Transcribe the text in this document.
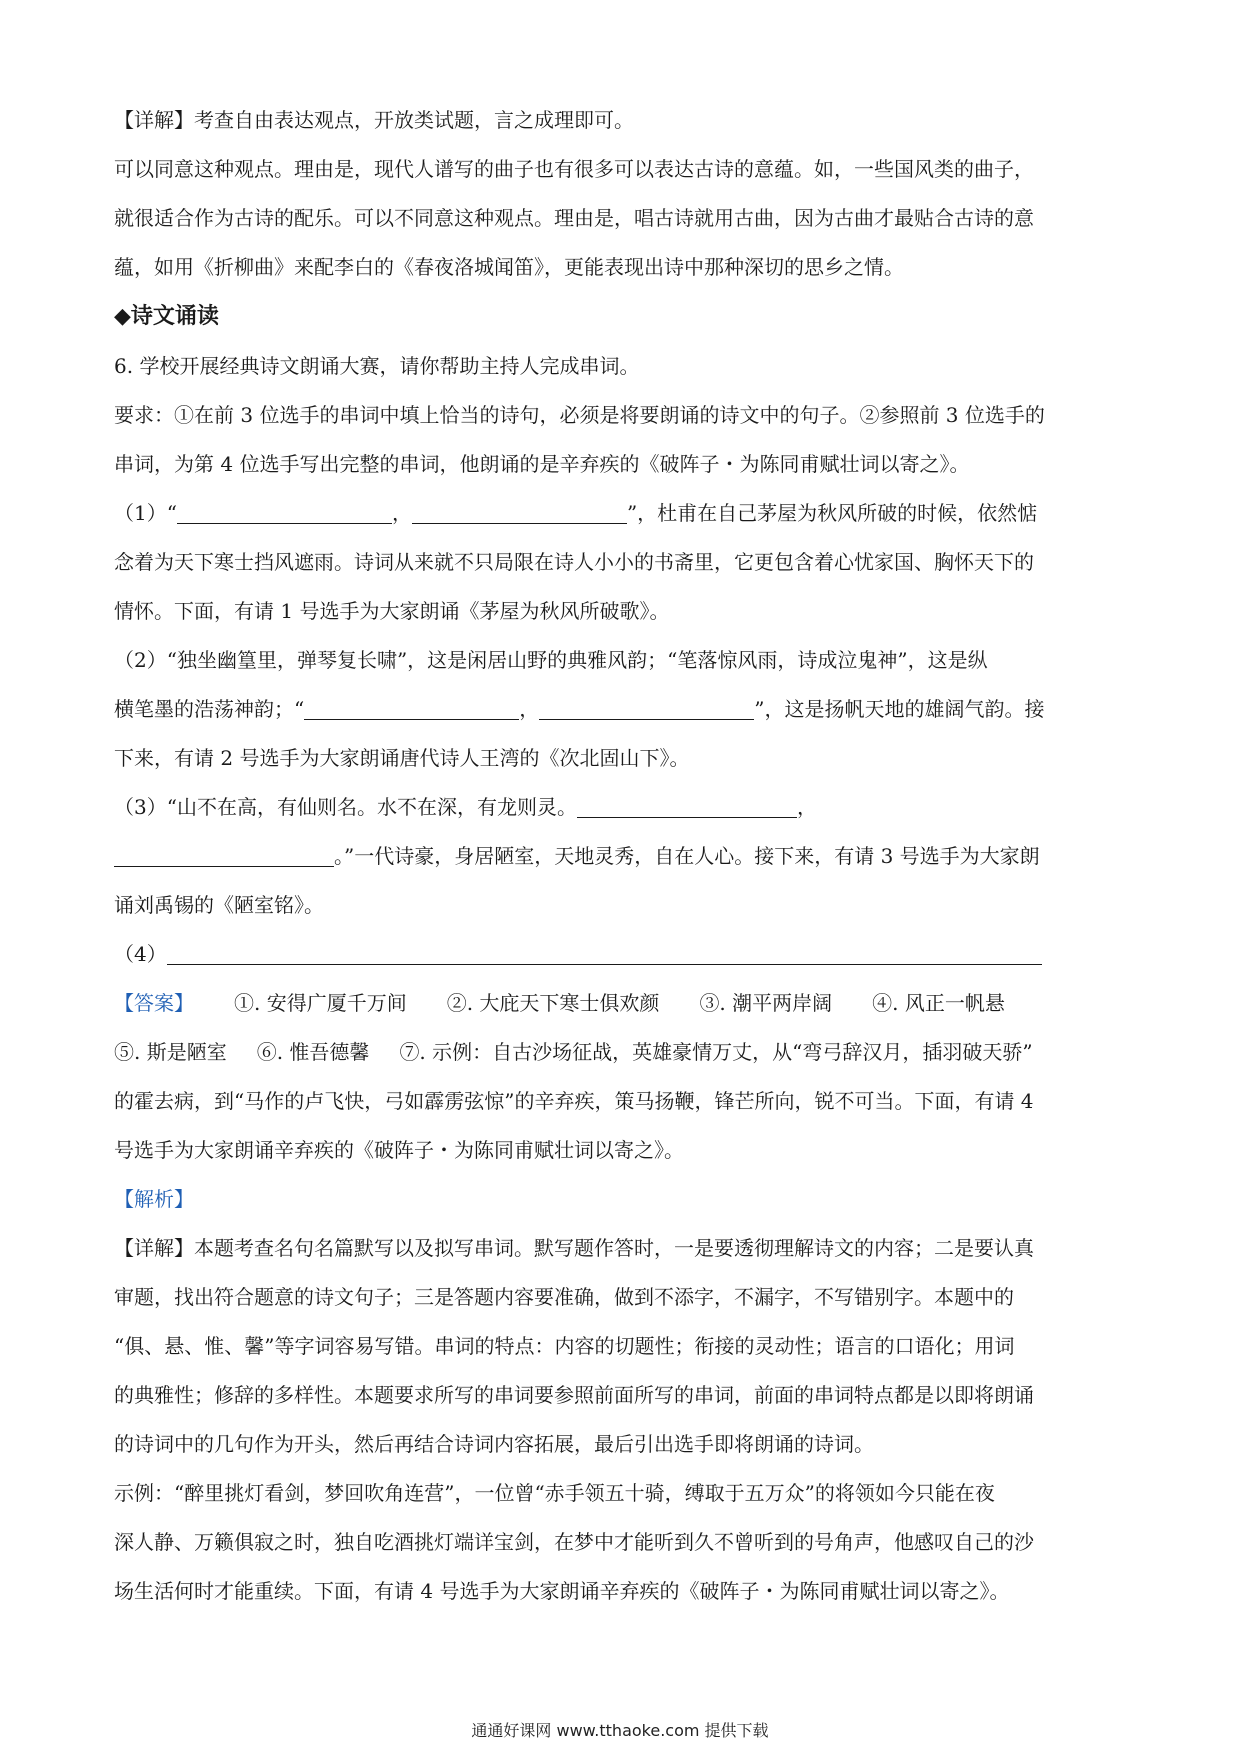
【详解】考查自由表达观点，开放类试题，言之成理即可。
可以同意这种观点。理由是，现代人谱写的曲子也有很多可以表达古诗的意蕴。如，一些国风类的曲子，
就很适合作为古诗的配乐。可以不同意这种观点。理由是，唱古诗就用古曲，因为古曲才最贴合古诗的意
蕴，如用《折柳曲》来配李白的《春夜洛城闻笛》，更能表现出诗中那种深切的思乡之情。
◆诗文诵读
6. 学校开展经典诗文朗诵大赛，请你帮助主持人完成串词。
要求：①在前 3 位选手的串词中填上恰当的诗句，必须是将要朗诵的诗文中的句子。②参照前 3 位选手的
串词，为第 4 位选手写出完整的串词，他朗诵的是辛弃疾的《破阵子・为陈同甫赋壮词以寄之》。
（1）“	，	”，杜甫在自己茅屋为秋风所破的时候，依然惦
念着为天下寒士挡风遮雨。诗词从来就不只局限在诗人小小的书斋里，它更包含着心忧家国、胸怀天下的
情怀。下面，有请 1 号选手为大家朗诵《茅屋为秋风所破歌》。
（2）“独坐幽篁里，弹琴复长啸”，这是闲居山野的典雅风韵；“笔落惊风雨，诗成泣鬼神”，这是纵
横笔墨的浩荡神韵；“	，	”，这是扬帆天地的雄阔气韵。接
下来，有请 2 号选手为大家朗诵唐代诗人王湾的《次北固山下》。
（3）“山不在高，有仙则名。水不在深，有龙则灵。	，
。”一代诗豪，身居陋室，天地灵秀，自在人心。接下来，有请 3 号选手为大家朗
诵刘禹锡的《陋室铭》。
（4）
【答案】 ①. 安得广厦千万间 ②. 大庇天下寒士俱欢颜 ③. 潮平两岸阔 ④. 风正一帆悬
⑤. 斯是陋室 ⑥. 惟吾德馨 ⑦. 示例：自古沙场征战，英雄豪情万丈，从“弯弓辞汉月，插羽破天骄”
的霍去病，到“马作的卢飞快，弓如霹雳弦惊”的辛弃疾，策马扬鞭，锋芒所向，锐不可当。下面，有请 4
号选手为大家朗诵辛弃疾的《破阵子・为陈同甫赋壮词以寄之》。
【解析】
【详解】本题考查名句名篇默写以及拟写串词。默写题作答时，一是要透彻理解诗文的内容；二是要认真
审题，找出符合题意的诗文句子；三是答题内容要准确，做到不添字，不漏字，不写错别字。本题中的
“俱、悬、惟、馨”等字词容易写错。串词的特点：内容的切题性；衔接的灵动性；语言的口语化；用词
的典雅性；修辞的多样性。本题要求所写的串词要参照前面所写的串词，前面的串词特点都是以即将朗诵
的诗词中的几句作为开头，然后再结合诗词内容拓展，最后引出选手即将朗诵的诗词。
示例：“醉里挑灯看剑，梦回吹角连营”，一位曾“赤手领五十骑，缚取于五万众”的将领如今只能在夜
深人静、万籁俱寂之时，独自吃酒挑灯端详宝剑，在梦中才能听到久不曾听到的号角声，他感叹自己的沙
场生活何时才能重续。下面，有请 4 号选手为大家朗诵辛弃疾的《破阵子・为陈同甫赋壮词以寄之》。
通通好课网 www.tthaoke.com 提供下载
